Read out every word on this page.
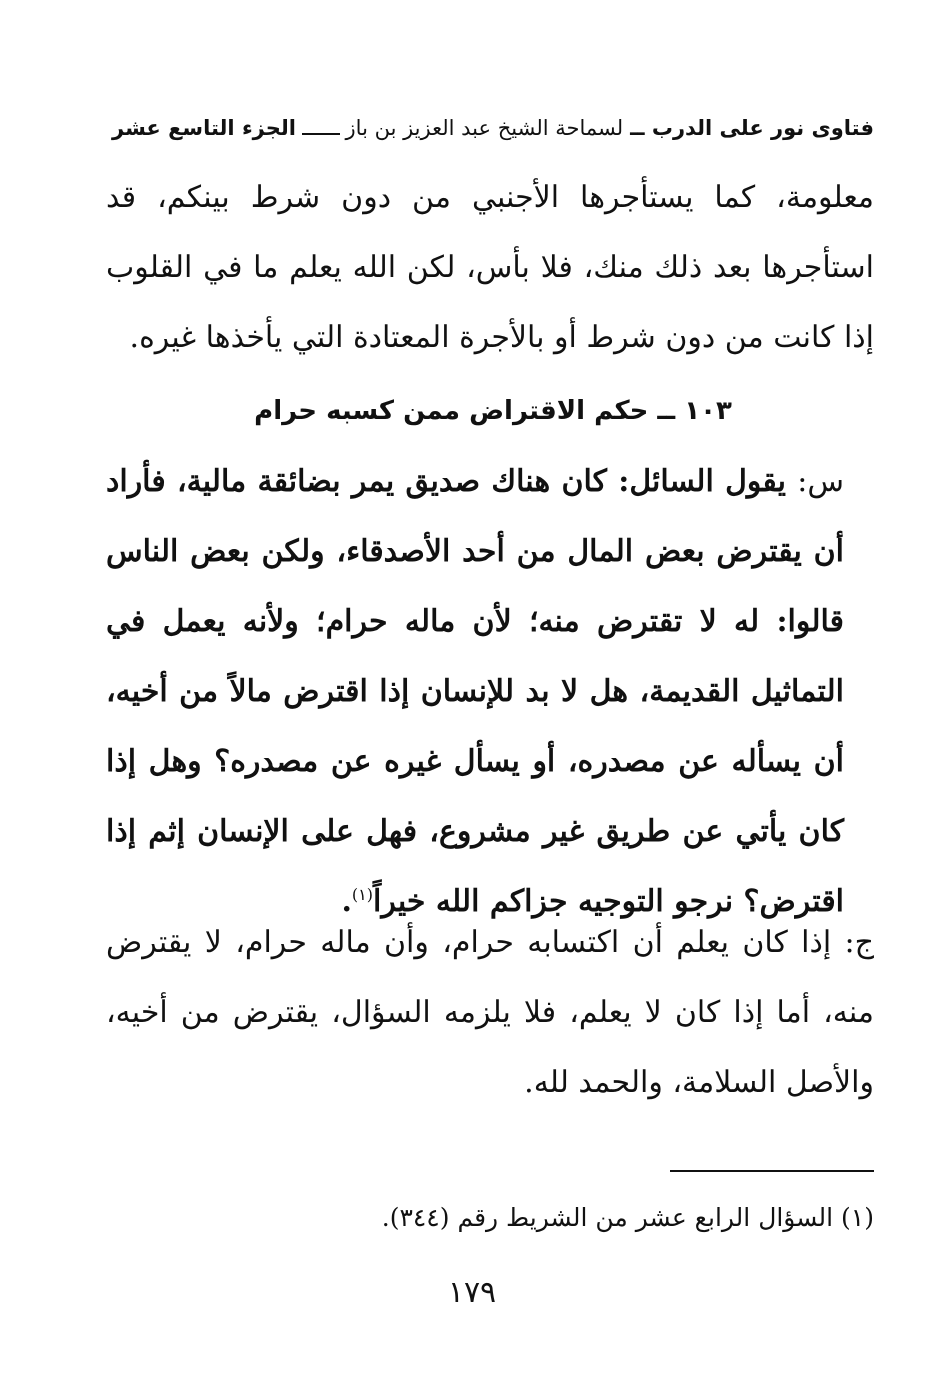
فتاوى نور على الدرب ــ

لسماحة الشيخ عبد العزيز بن باز
الجزء التاسع عشر
معلومة، كما يستأجرها الأجنبي من دون شرط بينكم، قد استأجرها بعد ذلك منك، فلا بأس، لكن الله يعلم ما في القلوب إذا كانت من دون شرط أو بالأجرة المعتادة التي يأخذها غيره.
١٠٣ ــ حكم الاقتراض ممن كسبه حرام
س: يقول السائل: كان هناك صديق يمر بضائقة مالية، فأراد أن يقترض بعض المال من أحد الأصدقاء، ولكن بعض الناس قالوا: له لا تقترض منه؛ لأن ماله حرام؛ ولأنه يعمل في التماثيل القديمة، هل لا بد للإنسان إذا اقترض مالاً من أخيه، أن يسأله عن مصدره، أو يسأل غيره عن مصدره؟ وهل إذا كان يأتي عن طريق غير مشروع، فهل على الإنسان إثم إذا اقترض؟ نرجو التوجيه جزاكم الله خيراً$^{(١)}$.
ج: إذا كان يعلم أن اكتسابه حرام، وأن ماله حرام، لا يقترض منه، أما إذا كان لا يعلم، فلا يلزمه السؤال، يقترض من أخيه، والأصل السلامة، والحمد لله.
(١) السؤال الرابع عشر من الشريط رقم (٣٤٤).
١٧٩
